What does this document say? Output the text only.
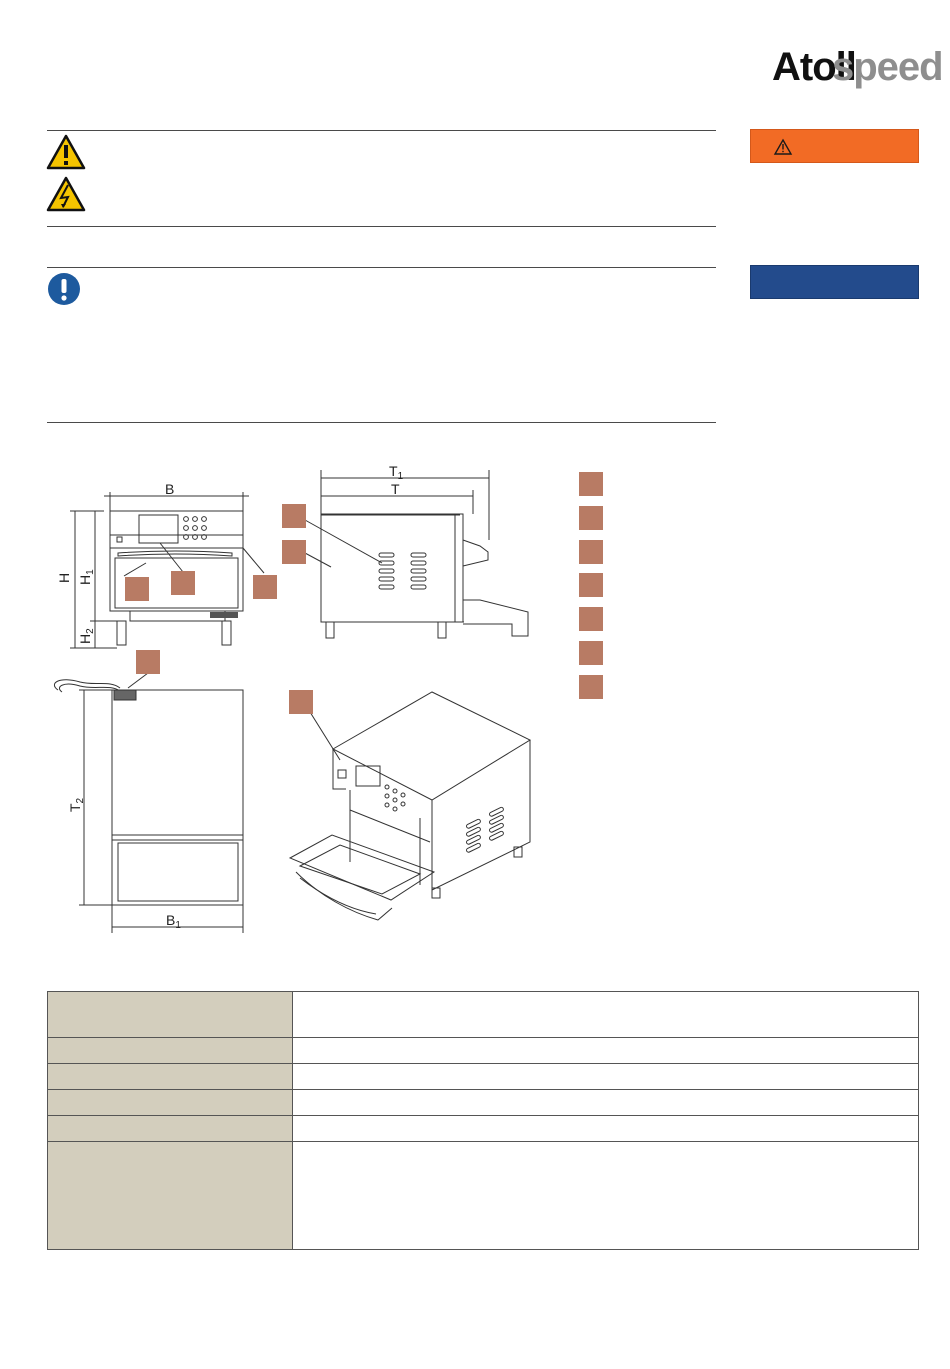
Atoll
speed
B
H $H_1$
$H_2$
$T_1$
T
$T_2$
$B_1$
